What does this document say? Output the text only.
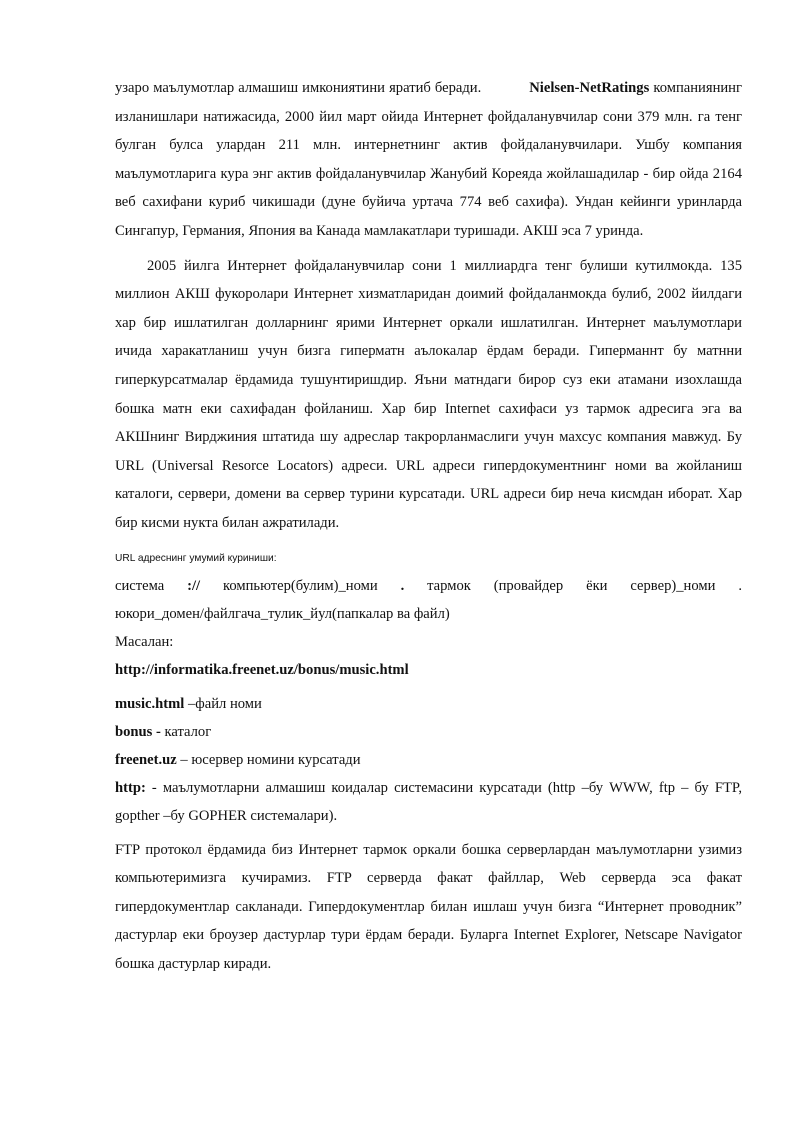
узаро маълумотлар алмашиш имкониятини яратиб беради.	Nielsen-NetRatings компаниянинг изланишлари натижасида, 2000 йил март ойида Интернет фойдаланувчилар сони 379 млн. га тенг булган булса улардан 211 млн. интернетнинг актив фойдаланувчилари. Ушбу компания маълумотларига кура энг актив фойдаланувчилар Жанубий Кореяда жойлашадилар - бир ойда 2164 веб сахифани куриб чикишади (дуне буйича уртача 774 веб сахифа). Ундан кейинги уринларда Сингапур, Германия, Япония ва Канада мамлакатлари туришади. АКШ эса 7 уринда.

2005 йилга Интернет фойдаланувчилар сони 1 миллиардга тенг булиши кутилмокда. 135 миллион АКШ фукоролари Интернет хизматларидан доимий фойдаланмокда булиб, 2002 йилдаги хар бир ишлатилган долларнинг ярими Интернет оркали ишлатилган. Интернет маълумотлари ичида харакатланиш учун бизга гиперматн аълокалар ёрдам беради. Гиперманнт бу матнни гиперкурсатмалар ёрдамида тушунтиришдир. Яъни матндаги бирор суз еки атамани изохлашда бошка матн еки сахифадан фойланиш. Хар бир Internet сахифаси уз тармок адресига эга ва АКШнинг Вирджиния штатида шу адреслар такрорланмаслиги учун махсус компания мавжуд. Бу URL (Universal Resorce Locators) адреси. URL адреси гипердокументнинг номи ва жойланиш каталоги, сервери, домени ва сервер турини курсатади. URL адреси бир неча кисмдан иборат. Хар бир кисми нукта билан ажратилади.

URL адреснинг умумий куриниши:
система :// компьютер(булим)_номи . тармок (провайдер ёки сервер)_номи .

юкори_домен/файлгача_тулик_йул(папкалар ва файл)

Масалан:

http://informatika.freenet.uz/bonus/music.html

music.html –файл номи

bonus - каталог

freenet.uz – юсервер номини курсатади

http: - маълумотларни алмашиш коидалар системасини курсатади (http –бу WWW, ftp – бу FTP, gopther –бу GOPHER системалари).

FTP протокол ёрдамида биз Интернет тармок оркали бошка серверлардан маълумотларни узимиз компьютеримизга кучирамиз. FTP серверда факат файллар, Web серверда эса факат гипердокументлар сакланади. Гипердокументлар билан ишлаш учун бизга “Интернет проводник” дастурлар еки броузер дастурлар тури ёрдам беради. Буларга Internet Explorer, Netscape Navigator бошка дастурлар киради.
